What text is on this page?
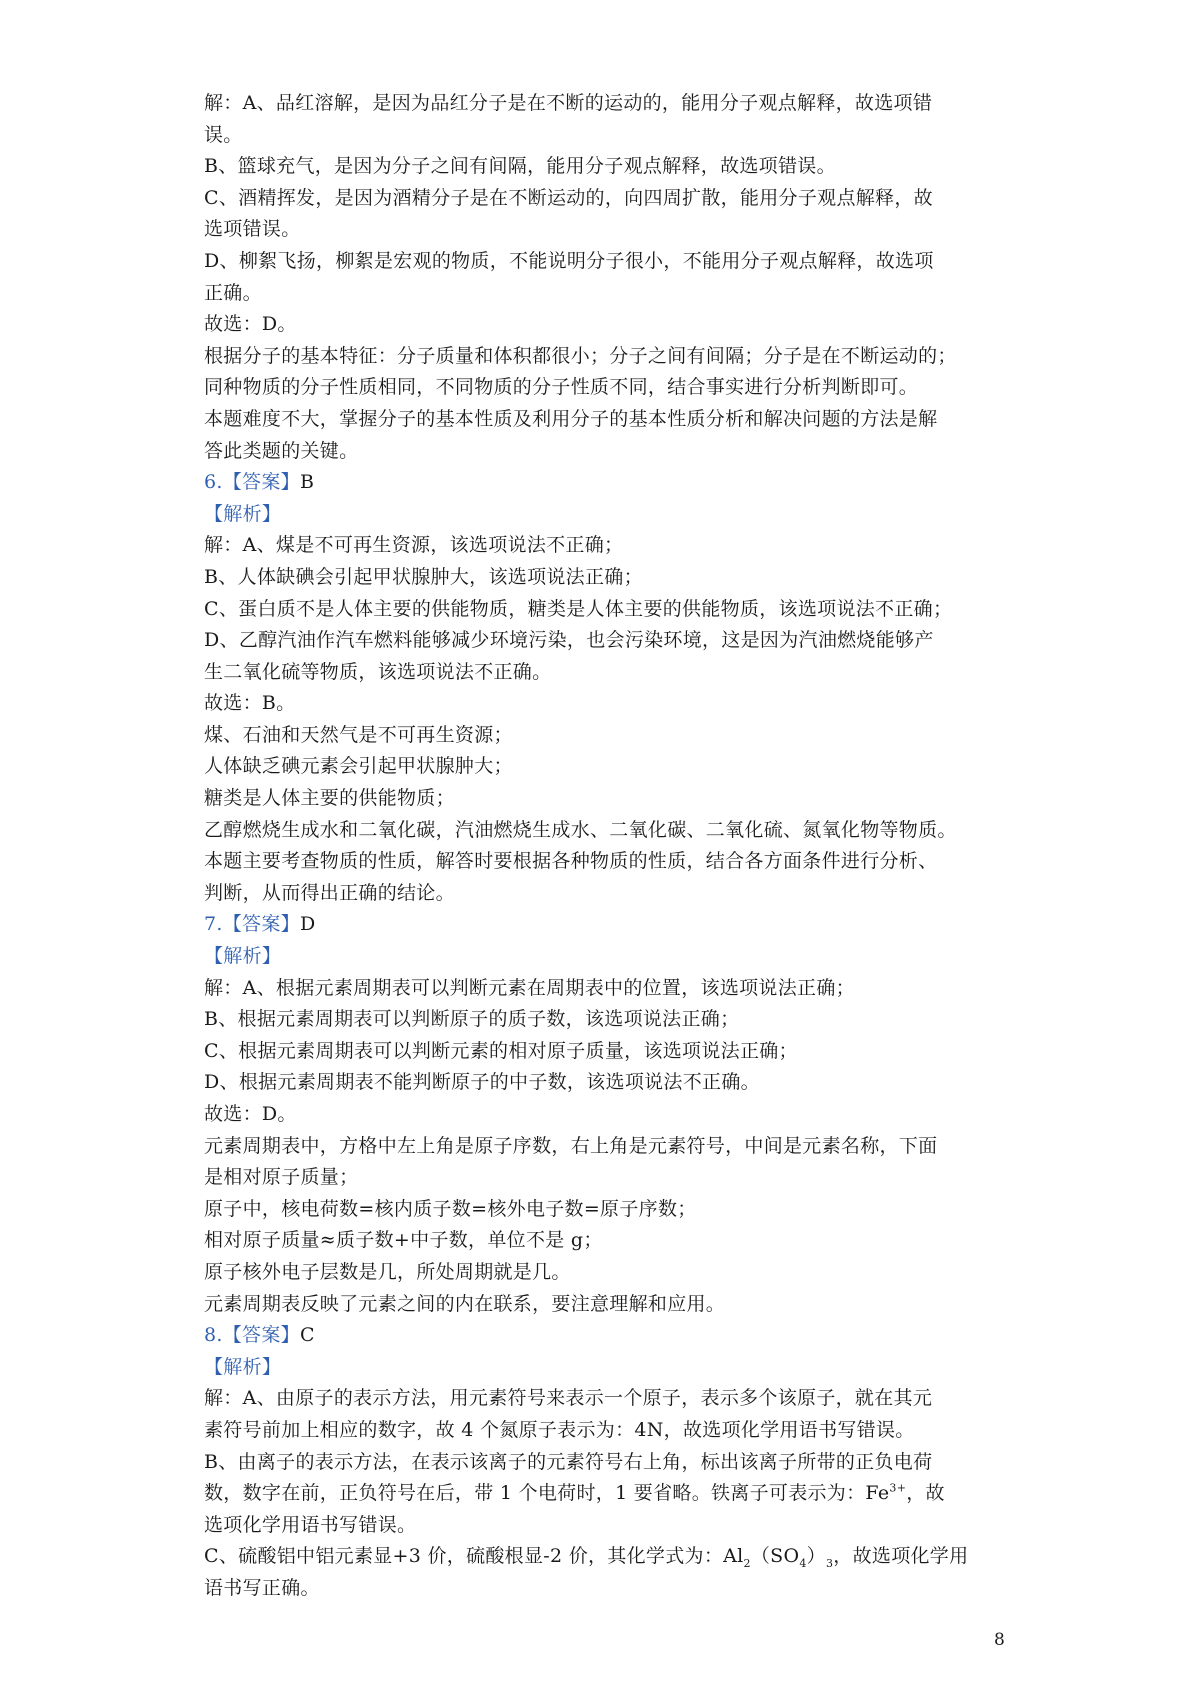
解：A、品红溶解，是因为品红分子是在不断的运动的，能用分子观点解释，故选项错
误。
B、篮球充气，是因为分子之间有间隔，能用分子观点解释，故选项错误。
C、酒精挥发，是因为酒精分子是在不断运动的，向四周扩散，能用分子观点解释，故
选项错误。
D、柳絮飞扬，柳絮是宏观的物质，不能说明分子很小，不能用分子观点解释，故选项
正确。
故选：D。
根据分子的基本特征：分子质量和体积都很小；分子之间有间隔；分子是在不断运动的；
同种物质的分子性质相同，不同物质的分子性质不同，结合事实进行分析判断即可。
本题难度不大，掌握分子的基本性质及利用分子的基本性质分析和解决问题的方法是解
答此类题的关键。
6.【答案】B
【解析】
解：A、煤是不可再生资源，该选项说法不正确；
B、人体缺碘会引起甲状腺肿大，该选项说法正确；
C、蛋白质不是人体主要的供能物质，糖类是人体主要的供能物质，该选项说法不正确；
D、乙醇汽油作汽车燃料能够减少环境污染，也会污染环境，这是因为汽油燃烧能够产
生二氧化硫等物质，该选项说法不正确。
故选：B。
煤、石油和天然气是不可再生资源；
人体缺乏碘元素会引起甲状腺肿大；
糖类是人体主要的供能物质；
乙醇燃烧生成水和二氧化碳，汽油燃烧生成水、二氧化碳、二氧化硫、氮氧化物等物质。
本题主要考查物质的性质，解答时要根据各种物质的性质，结合各方面条件进行分析、
判断，从而得出正确的结论。
7.【答案】D
【解析】
解：A、根据元素周期表可以判断元素在周期表中的位置，该选项说法正确；
B、根据元素周期表可以判断原子的质子数，该选项说法正确；
C、根据元素周期表可以判断元素的相对原子质量，该选项说法正确；
D、根据元素周期表不能判断原子的中子数，该选项说法不正确。
故选：D。
元素周期表中，方格中左上角是原子序数，右上角是元素符号，中间是元素名称，下面
是相对原子质量；
原子中，核电荷数=核内质子数=核外电子数=原子序数；
相对原子质量≈质子数+中子数，单位不是 g；
原子核外电子层数是几，所处周期就是几。
元素周期表反映了元素之间的内在联系，要注意理解和应用。
8.【答案】C
【解析】
解：A、由原子的表示方法，用元素符号来表示一个原子，表示多个该原子，就在其元
素符号前加上相应的数字，故 4 个氮原子表示为：4N，故选项化学用语书写错误。
B、由离子的表示方法，在表示该离子的元素符号右上角，标出该离子所带的正负电荷
数，数字在前，正负符号在后，带 1 个电荷时，1 要省略。铁离子可表示为：$Fe^{3+}$，故
选项化学用语书写错误。
C、硫酸铝中铝元素显+3 价，硫酸根显-2 价，其化学式为：$Al_2(SO_4)_3$，故选项化学用
语书写正确。
8
